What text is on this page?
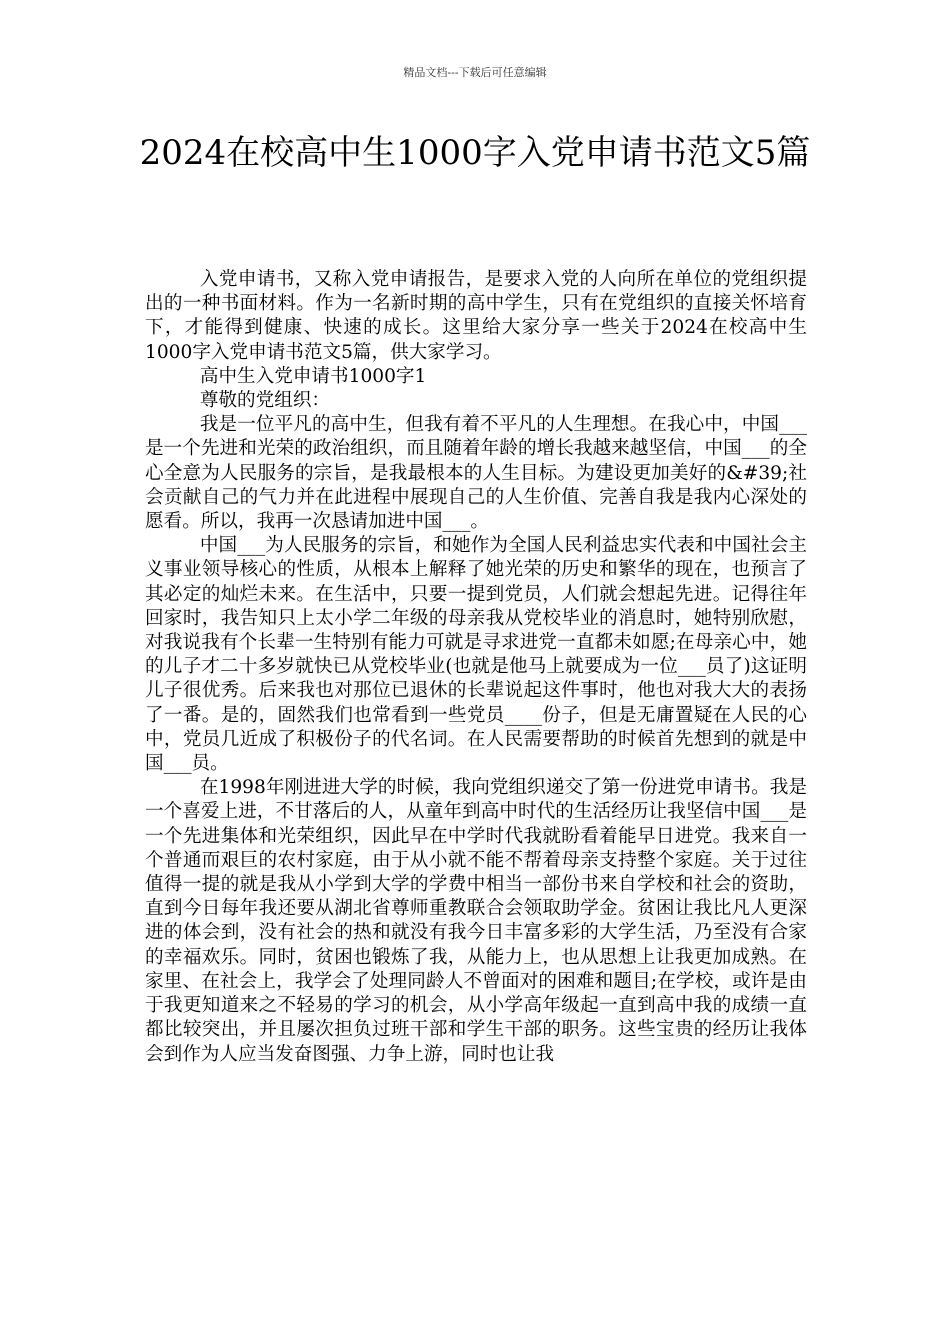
精品文档---下载后可任意编辑
2024在校高中生1000字入党申请书范文5篇

入党申请书，又称入党申请报告，是要求入党的人向所在单位的党组织提出的一种书面材料。作为一名新时期的高中学生，只有在党组织的直接关怀培育下，才能得到健康、快速的成长。这里给大家分享一些关于2024在校高中生1000字入党申请书范文5篇，供大家学习。

高中生入党申请书1000字1

尊敬的党组织：

我是一位平凡的高中生，但我有着不平凡的人生理想。在我心中，中国___是一个先进和光荣的政治组织，而且随着年龄的增长我越来越坚信，中国___的全心全意为人民服务的宗旨，是我最根本的人生目标。为建设更加美好的&#39;社会贡献自己的气力并在此进程中展现自己的人生价值、完善自我是我内心深处的愿看。所以，我再一次恳请加进中国___。

中国___为人民服务的宗旨，和她作为全国人民利益忠实代表和中国社会主义事业领导核心的性质，从根本上解释了她光荣的历史和繁华的现在，也预言了其必定的灿烂未来。在生活中，只要一提到党员，人们就会想起先进。记得往年回家时，我告知只上太小学二年级的母亲我从党校毕业的消息时，她特别欣慰，对我说我有个长辈一生特别有能力可就是寻求进党一直都未如愿;在母亲心中，她的儿子才二十多岁就快已从党校毕业(也就是他马上就要成为一位___员了)这证明儿子很优秀。后来我也对那位已退休的长辈说起这件事时，他也对我大大的表扬了一番。是的，固然我们也常看到一些党员____份子，但是无庸置疑在人民的心中，党员几近成了积极份子的代名词。在人民需要帮助的时候首先想到的就是中国___员。

在1998年刚进进大学的时候，我向党组织递交了第一份进党申请书。我是一个喜爱上进，不甘落后的人，从童年到高中时代的生活经历让我坚信中国___是一个先进集体和光荣组织，因此早在中学时代我就盼看着能早日进党。我来自一个普通而艰巨的农村家庭，由于从小就不能不帮着母亲支持整个家庭。关于过往值得一提的就是我从小学到大学的学费中相当一部份书来自学校和社会的资助，直到今日每年我还要从湖北省尊师重教联合会领取助学金。贫困让我比凡人更深进的体会到，没有社会的热和就没有我今日丰富多彩的大学生活，乃至没有合家的幸福欢乐。同时，贫困也锻炼了我，从能力上，也从思想上让我更加成熟。在家里、在社会上，我学会了处理同龄人不曾面对的困难和题目;在学校，或许是由于我更知道来之不轻易的学习的机会，从小学高年级起一直到高中我的成绩一直都比较突出，并且屡次担负过班干部和学生干部的职务。这些宝贵的经历让我体会到作为人应当发奋图强、力争上游，同时也让我
